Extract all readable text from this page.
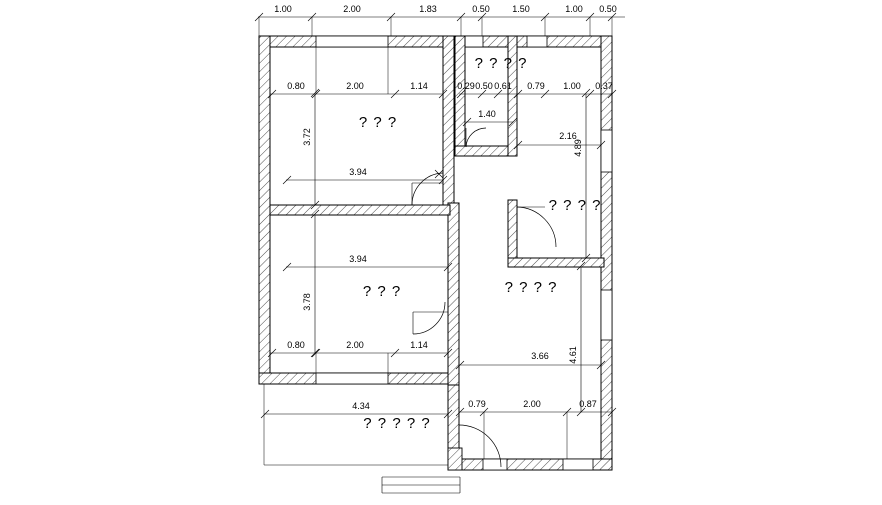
1.00	2.00	1.83	0.50 1.50	1.00 0.50
0.80	2.00	1.14	0.29 0.50 0.61 0.79 1.00 0.37
1.40
2.16
3.94
3.94
0.80	2.00	1.14
3.66
0.79	2.00	0.87
4.34
3.72
4.89
3.78
4.61
? ? ?
? ? ? ?
? ? ? ?
? ? ? ?
? ? ?
? ? ? ? ?
